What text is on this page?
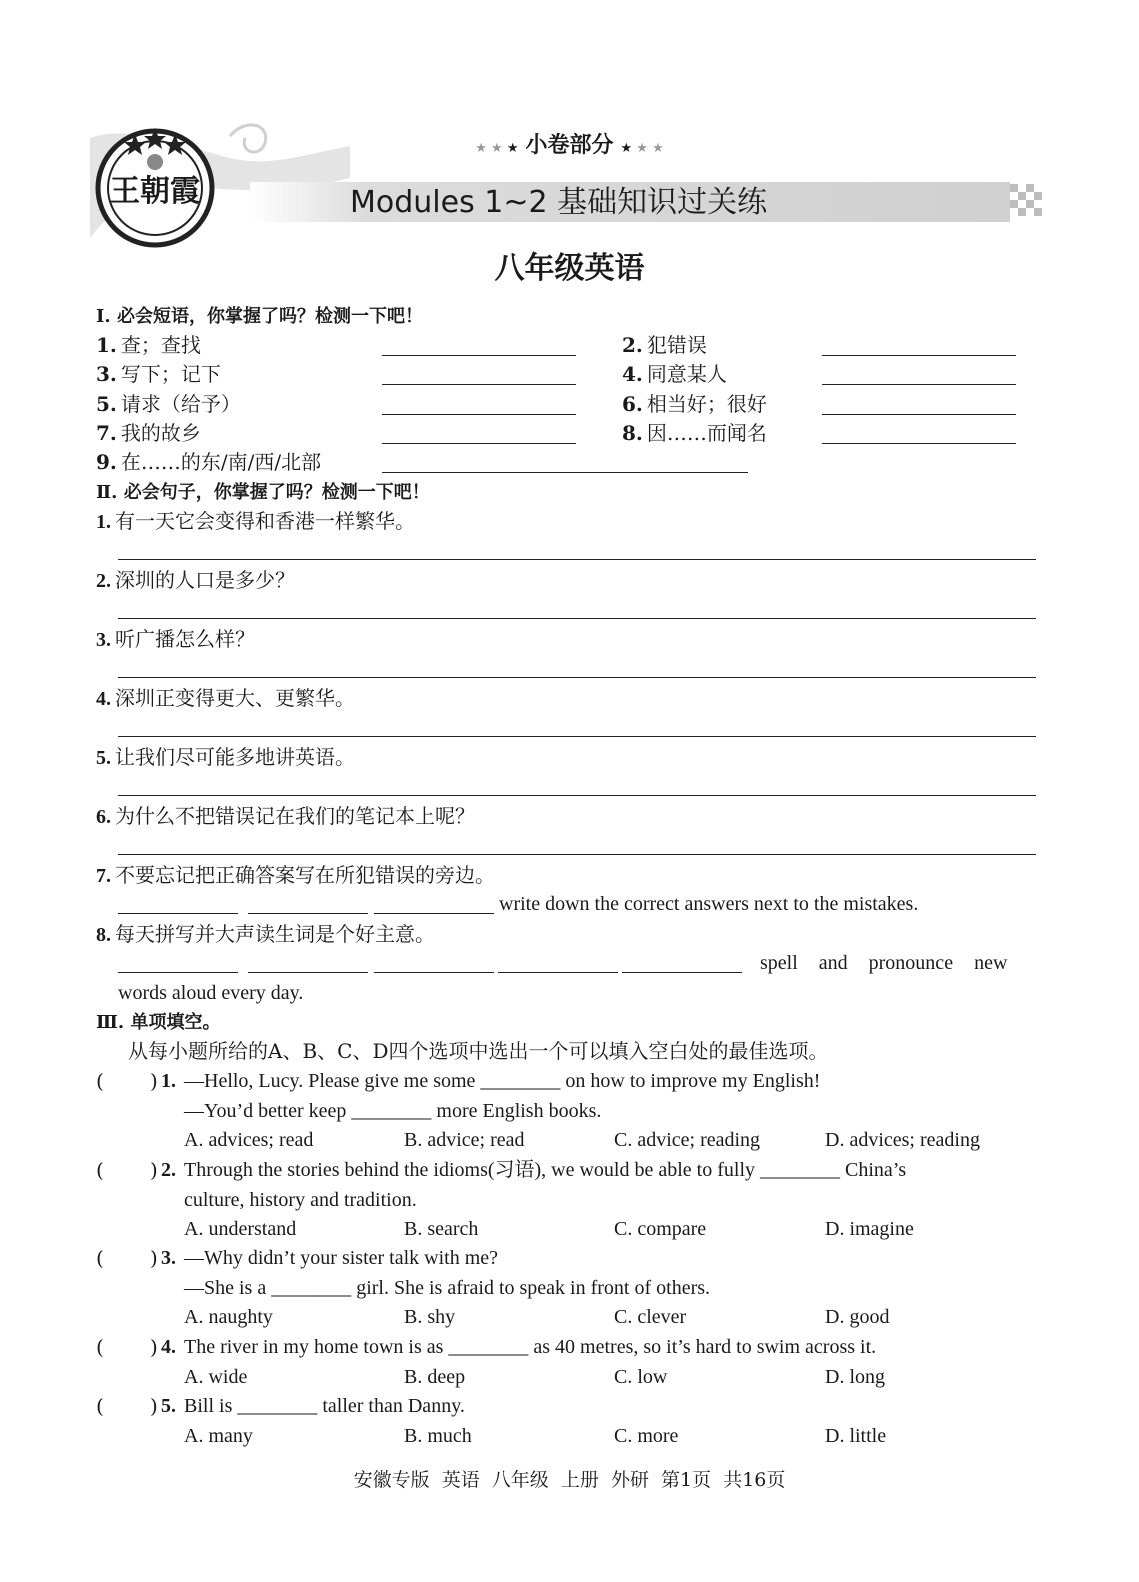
王朝霞
★ ★ ★ 小卷部分 ★ ★ ★
Modules 1~2 基础知识过关练
八年级英语
Ⅰ. 必会短语，你掌握了吗？检测一下吧！
1. 查；查找	2. 犯错误
3. 写下；记下	4. 同意某人
5. 请求（给予）	6. 相当好；很好
7. 我的故乡	8. 因……而闻名
9. 在……的东/南/西/北部
Ⅱ. 必会句子，你掌握了吗？检测一下吧！
1. 有一天它会变得和香港一样繁华。
2. 深圳的人口是多少？
3. 听广播怎么样？
4. 深圳正变得更大、更繁华。
5. 让我们尽可能多地讲英语。
6. 为什么不把错误记在我们的笔记本上呢？
7. 不要忘记把正确答案写在所犯错误的旁边。
write down the correct answers next to the mistakes.
8. 每天拼写并大声读生词是个好主意。
spell and pronounce new
words aloud every day.
Ⅲ. 单项填空。
从每小题所给的A、B、C、D四个选项中选出一个可以填入空白处的最佳选项。
( ) 1. —Hello, Lucy. Please give me some ________ on how to improve my English!
—You’d better keep ________ more English books.
A. advices; read	B. advice; read	C. advice; reading	D. advices; reading
( ) 2. Through the stories behind the idioms(习语), we would be able to fully ________ China’s
culture, history and tradition.
A. understand	B. search	C. compare	D. imagine
( ) 3. —Why didn’t your sister talk with me?
—She is a ________ girl. She is afraid to speak in front of others.
A. naughty	B. shy	C. clever	D. good
( ) 4. The river in my home town is as ________ as 40 metres, so it’s hard to swim across it.
A. wide	B. deep	C. low	D. long
( ) 5. Bill is ________ taller than Danny.
A. many	B. much	C. more	D. little
安徽专版  英语  八年级  上册  外研  第1页  共16页
